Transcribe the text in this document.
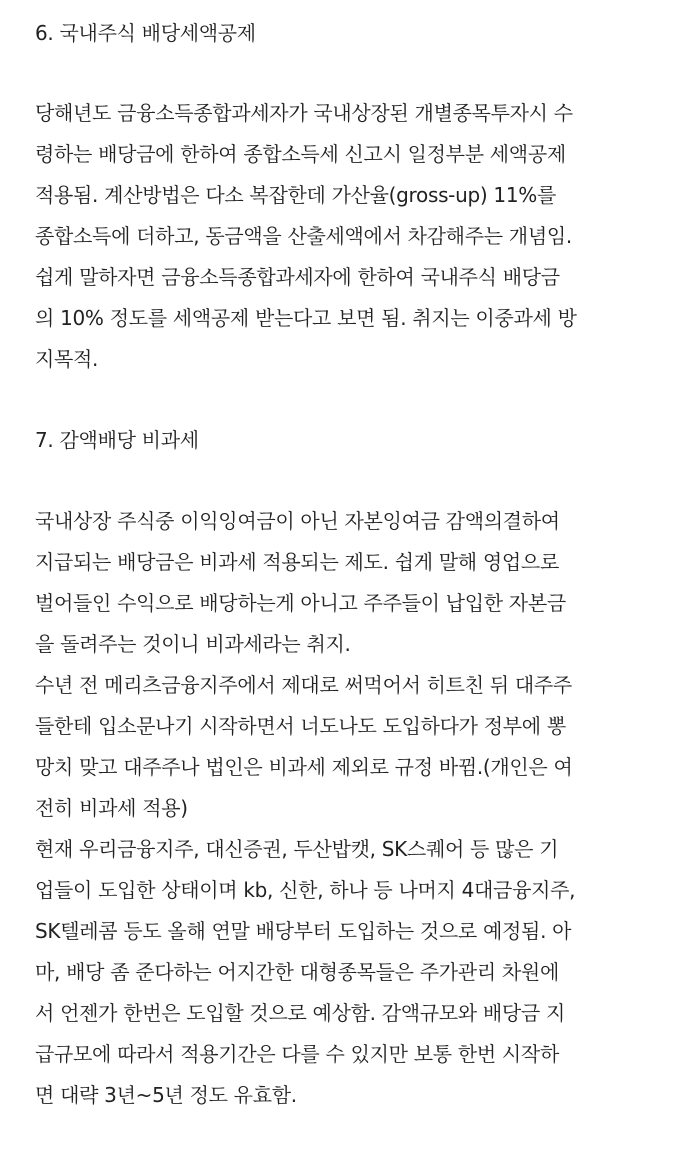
6. 국내주식 배당세액공제
당해년도 금융소득종합과세자가 국내상장된 개별종목투자시 수
령하는 배당금에 한하여 종합소득세 신고시 일정부분 세액공제
적용됨. 계산방법은 다소 복잡한데 가산율(gross-up) 11%를
종합소득에 더하고, 동금액을 산출세액에서 차감해주는 개념임.
쉽게 말하자면 금융소득종합과세자에 한하여 국내주식 배당금
의 10% 정도를 세액공제 받는다고 보면 됨. 취지는 이중과세 방
지목적.
7. 감액배당 비과세
국내상장 주식중 이익잉여금이 아닌 자본잉여금 감액의결하여
지급되는 배당금은 비과세 적용되는 제도. 쉽게 말해 영업으로
벌어들인 수익으로 배당하는게 아니고 주주들이 납입한 자본금
을 돌려주는 것이니 비과세라는 취지.
수년 전 메리츠금융지주에서 제대로 써먹어서 히트친 뒤 대주주
들한테 입소문나기 시작하면서 너도나도 도입하다가 정부에 뽕
망치 맞고 대주주나 법인은 비과세 제외로 규정 바뀜.(개인은 여
전히 비과세 적용)
현재 우리금융지주, 대신증권, 두산밥캣, SK스퀘어 등 많은 기
업들이 도입한 상태이며 kb, 신한, 하나 등 나머지 4대금융지주,
SK텔레콤 등도 올해 연말 배당부터 도입하는 것으로 예정됨. 아
마, 배당 좀 준다하는 어지간한 대형종목들은 주가관리 차원에
서 언젠가 한번은 도입할 것으로 예상함. 감액규모와 배당금 지
급규모에 따라서 적용기간은 다를 수 있지만 보통 한번 시작하
면 대략 3년~5년 정도 유효함.
